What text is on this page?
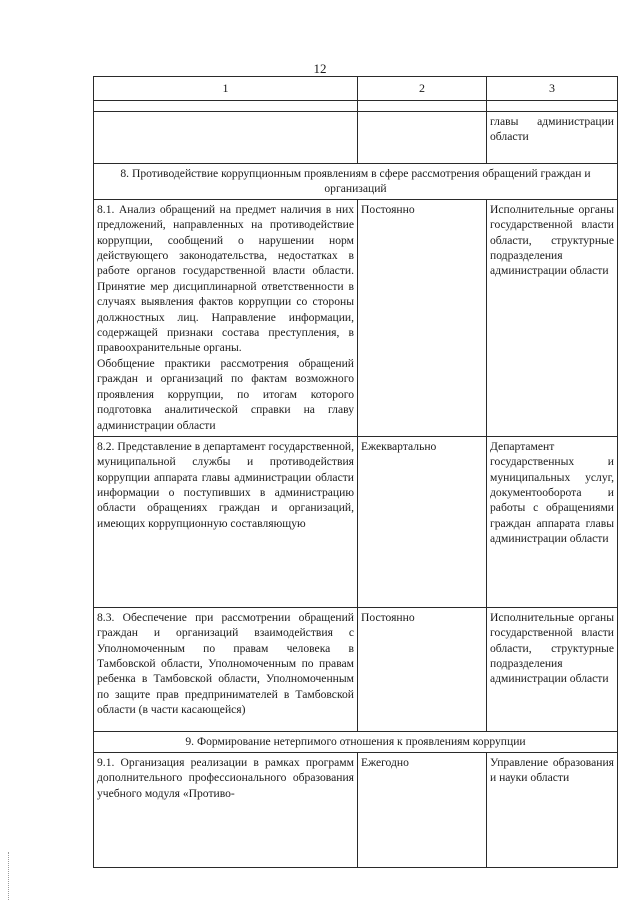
12
1	2	3

		главы администрации области
8. Противодействие коррупционным проявлениям в сфере рассмотрения обращений граждан и организаций		
8.1. Анализ обращений на предмет наличия в них предложений, направленных на противодействие коррупции, сообщений о нарушении норм действующего законодательства, недостатках в работе органов государственной власти области. Принятие мер дисциплинарной ответственности в случаях выявления фактов коррупции со стороны должностных лиц. Направление информации, содержащей признаки состава преступления, в правоохранительные органы.
Обобщение практики рассмотрения обращений граждан и организаций по фактам возможного проявления коррупции, по итогам которого подготовка аналитической справки на главу администрации области	Постоянно	Исполнительные органы государственной власти области, структурные подразделения администрации области
8.2. Представление в департамент государственной, муниципальной службы и противодействия коррупции аппарата главы администрации области информации о поступивших в администрацию области обращениях граждан и организаций, имеющих коррупционную составляющую	Ежеквартально	Департамент государственных и муниципальных услуг, документооборота и работы с обращениями граждан аппарата главы администрации области
8.3. Обеспечение при рассмотрении обращений граждан и организаций взаимодействия с Уполномоченным по правам человека в Тамбовской области, Уполномоченным по правам ребенка в Тамбовской области, Уполномоченным по защите прав предпринимателей в Тамбовской области (в части касающейся)	Постоянно	Исполнительные органы государственной власти области, структурные подразделения администрации области
9. Формирование нетерпимого отношения к проявлениям коррупции		
9.1. Организация реализации в рамках программ дополнительного профессионального образования учебного модуля «Противо-	Ежегодно	Управление образования и науки области
